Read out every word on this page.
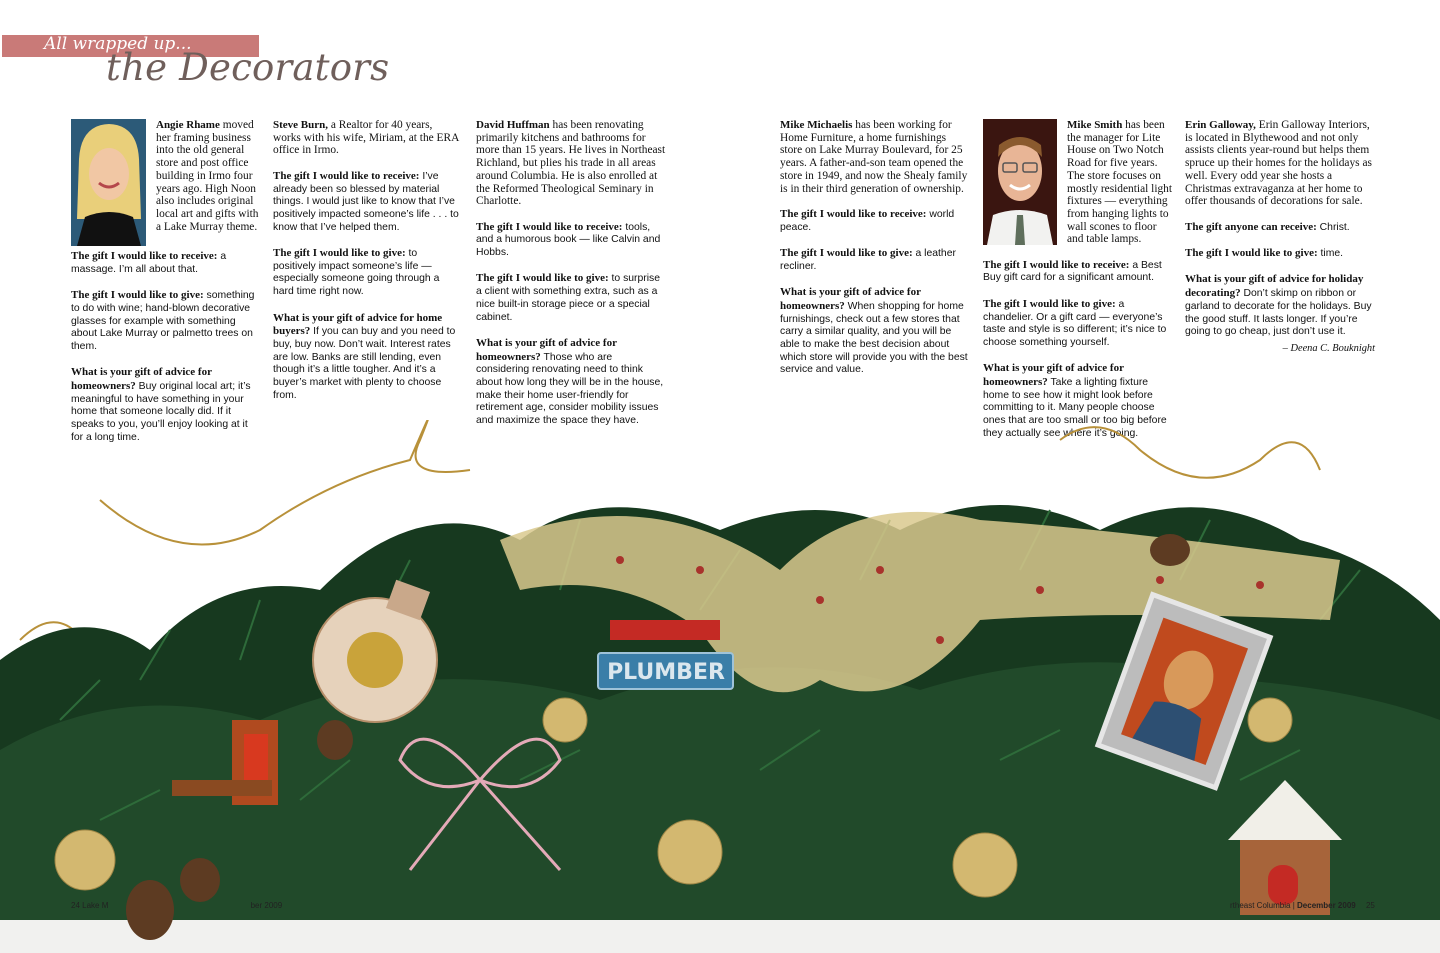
All wrapped up...
the Decorators

Angie Rhame moved her framing business into the old general store and post office building in Irmo four years ago. High Noon also includes original local art and gifts with a Lake Murray theme.

The gift I would like to receive: a massage. I’m all about that.

The gift I would like to give: something to do with wine; hand-blown decorative glasses for example with something about Lake Murray or palmetto trees on them.

What is your gift of advice for homeowners? Buy original local art; it’s meaningful to have something in your home that someone locally did. If it speaks to you, you’ll enjoy looking at it for a long time.

Steve Burn, a Realtor for 40 years, works with his wife, Miriam, at the ERA office in Irmo.

The gift I would like to receive: I’ve already been so blessed by material things. I would just like to know that I’ve positively impacted someone’s life . . . to know that I’ve helped them.

The gift I would like to give: to positively impact someone’s life — especially someone going through a hard time right now.

What is your gift of advice for home buyers? If you can buy and you need to buy, buy now. Don’t wait. Interest rates are low. Banks are still lending, even though it’s a little tougher. And it’s a buyer’s market with plenty to choose from.

David Huffman has been renovating primarily kitchens and bathrooms for more than 15 years. He lives in Northeast Richland, but plies his trade in all areas around Columbia. He is also enrolled at the Reformed Theological Seminary in Charlotte.

The gift I would like to receive: tools, and a humorous book — like Calvin and Hobbs.

The gift I would like to give: to surprise a client with something extra, such as a nice built-in storage piece or a special cabinet.

What is your gift of advice for homeowners? Those who are considering renovating need to think about how long they will be in the house, make their home user-friendly for retirement age, consider mobility issues and maximize the space they have.

Mike Michaelis has been working for Home Furniture, a home furnishings store on Lake Murray Boulevard, for 25 years. A father-and-son team opened the store in 1949, and now the Shealy family is in their third generation of ownership.

The gift I would like to receive: world peace.

The gift I would like to give: a leather recliner.

What is your gift of advice for homeowners? When shopping for home furnishings, check out a few stores that carry a similar quality, and you will be able to make the best decision about which store will provide you with the best service and value.

Mike Smith has been the manager for Lite House on Two Notch Road for five years. The store focuses on mostly residential light fixtures — everything from hanging lights to wall scones to floor and table lamps.

The gift I would like to receive: a Best Buy gift card for a significant amount.

The gift I would like to give: a chandelier. Or a gift card — everyone’s taste and style is so different; it’s nice to choose something yourself.

What is your gift of advice for homeowners? Take a lighting fixture home to see how it might look before committing to it. Many people choose ones that are too small or too big before they actually see where it’s going.

Erin Galloway, Erin Galloway Interiors, is located in Blythewood and not only assists clients year-round but helps them spruce up their homes for the holidays as well. Every odd year she hosts a Christmas extravaganza at her home to offer thousands of decorations for sale.

The gift anyone can receive: Christ.

The gift I would like to give: time.

What is your gift of advice for holiday decorating? Don’t skimp on ribbon or garland to decorate for the holidays. Buy the good stuff. It lasts longer. If you’re going to go cheap, just don’t use it.

– Deena C. Bouknight
PLUMBER
24 Lake M	ber 2009	rtheast Columbia | December 2009 25
